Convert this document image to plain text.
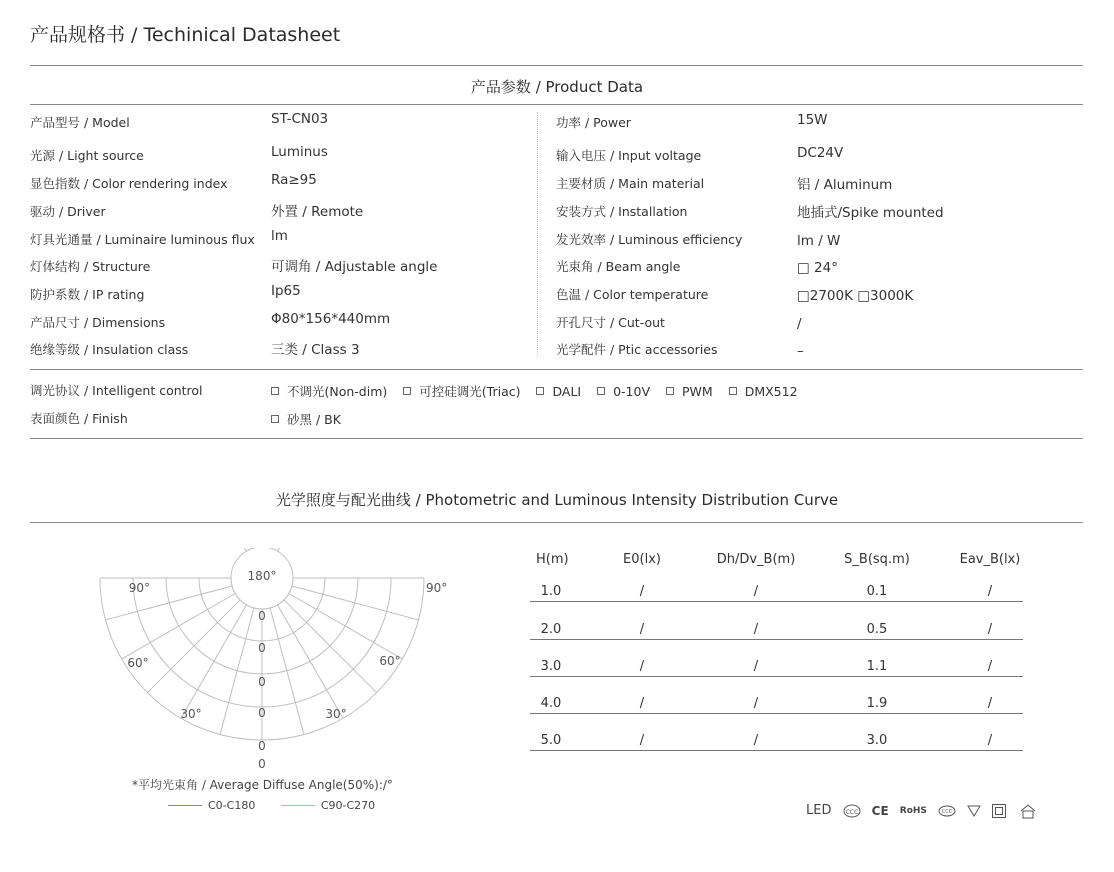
产品规格书 / Techinical Datasheet
产品参数 / Product Data
产品型号 / Model	ST-CN03
光源 / Light source	Luminus
显色指数 / Color rendering index	Ra≥95
驱动 / Driver	外置 / Remote
灯具光通量 / Luminaire luminous flux lm
灯体结构 / Structure	可调角 / Adjustable angle
防护系数 / IP rating	Ip65
产品尺寸 / Dimensions	Φ80*156*440mm
绝缘等级 / Insulation class	三类 / Class 3
功率 / Power	15W
输入电压 / Input voltage	DC24V
主要材质 / Main material	铝 / Aluminum
安装方式 / Installation	地插式/Spike mounted
发光效率 / Luminous efficiency	lm / W
光束角 / Beam angle	□ 24°
色温 / Color temperature	□2700K □3000K
开孔尺寸 / Cut-out	/
光学配件 / Ptic accessories	–
调光协议 / Intelligent control	不调光(Non-dim)	可控硅调光(Triac)	DALI	0-10V	PWM	DMX512
表面颜色 / Finish	砂黑 / BK
光学照度与配光曲线 / Photometric and Luminous Intensity Distribution Curve
180°
90°	90°
60°	60°
30°	30°
0
0
0
0
0
0
*平均光束角 / Average Diffuse Angle(50%):/°
C0-C180	C90-C270
H(m)	E0(lx)	Dh/Dv_B(m)	S_B(sq.m)	Eav_B(lx)
1.0	/	/	0.1	/
2.0	/	/	0.5	/
3.0	/	/	1.1	/
4.0	/	/	1.9	/
5.0	/	/	3.0	/
LED CCC CE RoHS	CCC
